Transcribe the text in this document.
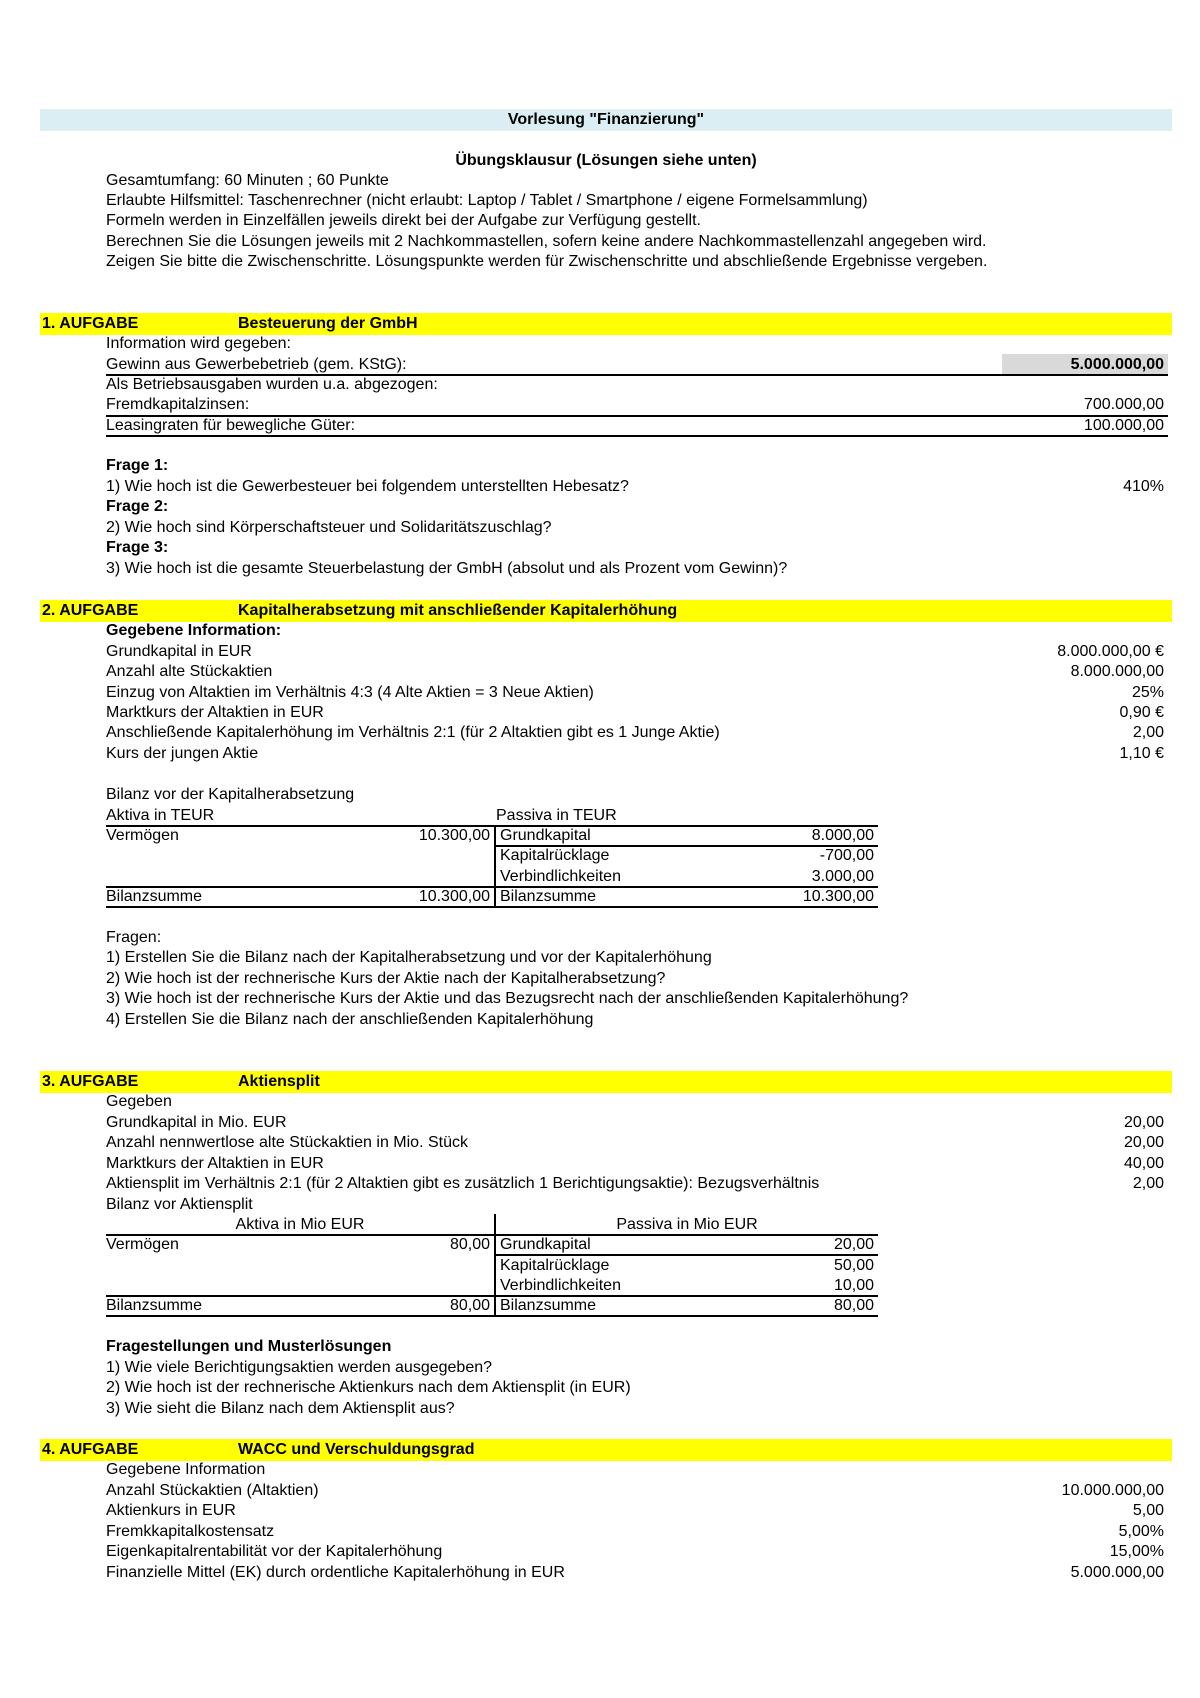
Vorlesung "Finanzierung"
Übungsklausur (Lösungen siehe unten)
Gesamtumfang: 60 Minuten ; 60 Punkte
Erlaubte Hilfsmittel: Taschenrechner (nicht erlaubt: Laptop / Tablet / Smartphone / eigene Formelsammlung)
Formeln werden in Einzelfällen jeweils direkt bei der Aufgabe zur Verfügung gestellt.
Berechnen Sie die Lösungen jeweils mit 2 Nachkommastellen, sofern keine andere Nachkommastellenzahl angegeben wird.
Zeigen Sie bitte die Zwischenschritte. Lösungspunkte werden für Zwischenschritte und abschließende Ergebnisse vergeben.
1. AUFGABE	Besteuerung der GmbH
Information wird gegeben:
Gewinn aus Gewerbebetrieb (gem. KStG):	5.000.000,00
Als Betriebsausgaben wurden u.a. abgezogen:
Fremdkapitalzinsen:	700.000,00
Leasingraten für bewegliche Güter:	100.000,00
Frage 1:
1) Wie hoch ist die Gewerbesteuer bei folgendem unterstellten Hebesatz?	410%
Frage 2:
2) Wie hoch sind Körperschaftsteuer und Solidaritätszuschlag?
Frage 3:
3) Wie hoch ist die gesamte Steuerbelastung der GmbH (absolut und als Prozent vom Gewinn)?
2. AUFGABE	Kapitalherabsetzung mit anschließender Kapitalerhöhung
Gegebene Information:
Grundkapital in EUR	8.000.000,00 €
Anzahl alte Stückaktien	8.000.000,00
Einzug von Altaktien im Verhältnis 4:3 (4 Alte Aktien = 3 Neue Aktien)	25%
Marktkurs der Altaktien in EUR	0,90 €
Anschließende Kapitalerhöhung im Verhältnis 2:1 (für 2 Altaktien gibt es 1 Junge Aktie)	2,00
Kurs der jungen Aktie	1,10 €
Bilanz vor der Kapitalherabsetzung
Aktiva in TEUR	Passiva in TEUR
Vermögen	10.300,00 Grundkapital	8.000,00
Kapitalrücklage	-700,00
Verbindlichkeiten	3.000,00
Bilanzsumme	10.300,00 Bilanzsumme	10.300,00
Fragen:
1) Erstellen Sie die Bilanz nach der Kapitalherabsetzung und vor der Kapitalerhöhung
2) Wie hoch ist der rechnerische Kurs der Aktie nach der Kapitalherabsetzung?
3) Wie hoch ist der rechnerische Kurs der Aktie und das Bezugsrecht nach der anschließenden Kapitalerhöhung?
4) Erstellen Sie die Bilanz nach der anschließenden Kapitalerhöhung
3. AUFGABE	Aktiensplit
Gegeben
Grundkapital in Mio. EUR	20,00
Anzahl nennwertlose alte Stückaktien in Mio. Stück	20,00
Marktkurs der Altaktien in EUR	40,00
Aktiensplit im Verhältnis 2:1 (für 2 Altaktien gibt es zusätzlich 1 Berichtigungsaktie): Bezugsverhältnis	2,00
Bilanz vor Aktiensplit
Aktiva in Mio EUR	Passiva in Mio EUR
Vermögen	80,00 Grundkapital	20,00
Kapitalrücklage	50,00
Verbindlichkeiten	10,00
Bilanzsumme	80,00 Bilanzsumme	80,00
Fragestellungen und Musterlösungen
1) Wie viele Berichtigungsaktien werden ausgegeben?
2) Wie hoch ist der rechnerische Aktienkurs nach dem Aktiensplit (in EUR)
3) Wie sieht die Bilanz nach dem Aktiensplit aus?
4. AUFGABE	WACC und Verschuldungsgrad
Gegebene Information
Anzahl Stückaktien (Altaktien)	10.000.000,00
Aktienkurs in EUR	5,00
Fremkkapitalkostensatz	5,00%
Eigenkapitalrentabilität vor der Kapitalerhöhung	15,00%
Finanzielle Mittel (EK) durch ordentliche Kapitalerhöhung in EUR	5.000.000,00
